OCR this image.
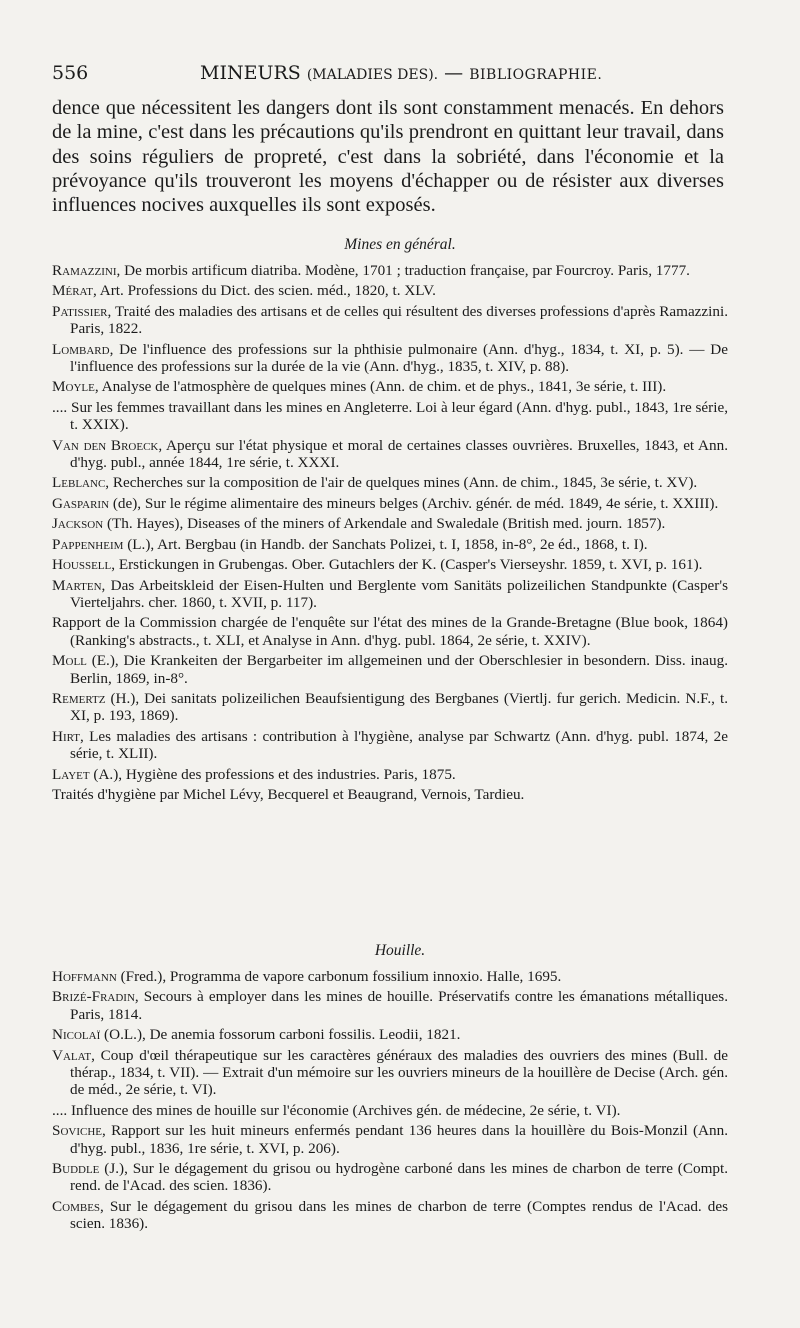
556	MINEURS (MALADIES DES). — BIBLIOGRAPHIE.
dence que nécessitent les dangers dont ils sont constamment menacés. En dehors de la mine, c'est dans les précautions qu'ils prendront en quittant leur travail, dans des soins réguliers de propreté, c'est dans la sobriété, dans l'économie et la prévoyance qu'ils trouveront les moyens d'échapper ou de résister aux diverses influences nocives auxquelles ils sont exposés.
Mines en général.
Ramazzini, De morbis artificum diatriba. Modène, 1701 ; traduction française, par Fourcroy. Paris, 1777.
Mérat, Art. Professions du Dict. des scien. méd., 1820, t. XLV.
Patissier, Traité des maladies des artisans et de celles qui résultent des diverses professions d'après Ramazzini. Paris, 1822.
Lombard, De l'influence des professions sur la phthisie pulmonaire (Ann. d'hyg., 1834, t. XI, p. 5). — De l'influence des professions sur la durée de la vie (Ann. d'hyg., 1835, t. XIV, p. 88).
Moyle, Analyse de l'atmosphère de quelques mines (Ann. de chim. et de phys., 1841, 3e série, t. III).
.... Sur les femmes travaillant dans les mines en Angleterre. Loi à leur égard (Ann. d'hyg. publ., 1843, 1re série, t. XXIX).
Van den Broeck, Aperçu sur l'état physique et moral de certaines classes ouvrières. Bruxelles, 1843, et Ann. d'hyg. publ., année 1844, 1re série, t. XXXI.
Leblanc, Recherches sur la composition de l'air de quelques mines (Ann. de chim., 1845, 3e série, t. XV).
Gasparin (de), Sur le régime alimentaire des mineurs belges (Archiv. génér. de méd. 1849, 4e série, t. XXIII).
Jackson (Th. Hayes), Diseases of the miners of Arkendale and Swaledale (British med. journ. 1857).
Pappenheim (L.), Art. Bergbau (in Handb. der Sanchats Polizei, t. I, 1858, in-8°, 2e éd., 1868, t. I).
Houssell, Erstickungen in Grubengas. Ober. Gutachlers der K. (Casper's Vierseyshr. 1859, t. XVI, p. 161).
Marten, Das Arbeitskleid der Eisen-Hulten und Berglente vom Sanitäts polizeilichen Standpunkte (Casper's Vierteljahrs. cher. 1860, t. XVII, p. 117).
Rapport de la Commission chargée de l'enquête sur l'état des mines de la Grande-Bretagne (Blue book, 1864) (Ranking's abstracts., t. XLI, et Analyse in Ann. d'hyg. publ. 1864, 2e série, t. XXIV).
Moll (E.), Die Krankeiten der Bergarbeiter im allgemeinen und der Oberschlesier in besondern. Diss. inaug. Berlin, 1869, in-8°.
Remertz (H.), Dei sanitats polizeilichen Beaufsientigung des Bergbanes (Viertlj. fur gerich. Medicin. N.F., t. XI, p. 193, 1869).
Hirt, Les maladies des artisans : contribution à l'hygiène, analyse par Schwartz (Ann. d'hyg. publ. 1874, 2e série, t. XLII).
Layet (A.), Hygiène des professions et des industries. Paris, 1875.
Traités d'hygiène par Michel Lévy, Becquerel et Beaugrand, Vernois, Tardieu.
Houille.
Hoffmann (Fred.), Programma de vapore carbonum fossilium innoxio. Halle, 1695.
Brizé-Fradin, Secours à employer dans les mines de houille. Préservatifs contre les émanations métalliques. Paris, 1814.
Nicolaï (O.L.), De anemia fossorum carboni fossilis. Leodii, 1821.
Valat, Coup d'œil thérapeutique sur les caractères généraux des maladies des ouvriers des mines (Bull. de thérap., 1834, t. VII). — Extrait d'un mémoire sur les ouvriers mineurs de la houillère de Decise (Arch. gén. de méd., 2e série, t. VI).
.... Influence des mines de houille sur l'économie (Archives gén. de médecine, 2e série, t. VI).
Soviche, Rapport sur les huit mineurs enfermés pendant 136 heures dans la houillère du Bois-Monzil (Ann. d'hyg. publ., 1836, 1re série, t. XVI, p. 206).
Buddle (J.), Sur le dégagement du grisou ou hydrogène carboné dans les mines de charbon de terre (Compt. rend. de l'Acad. des scien. 1836).
Combes, Sur le dégagement du grisou dans les mines de charbon de terre (Comptes rendus de l'Acad. des scien. 1836).
